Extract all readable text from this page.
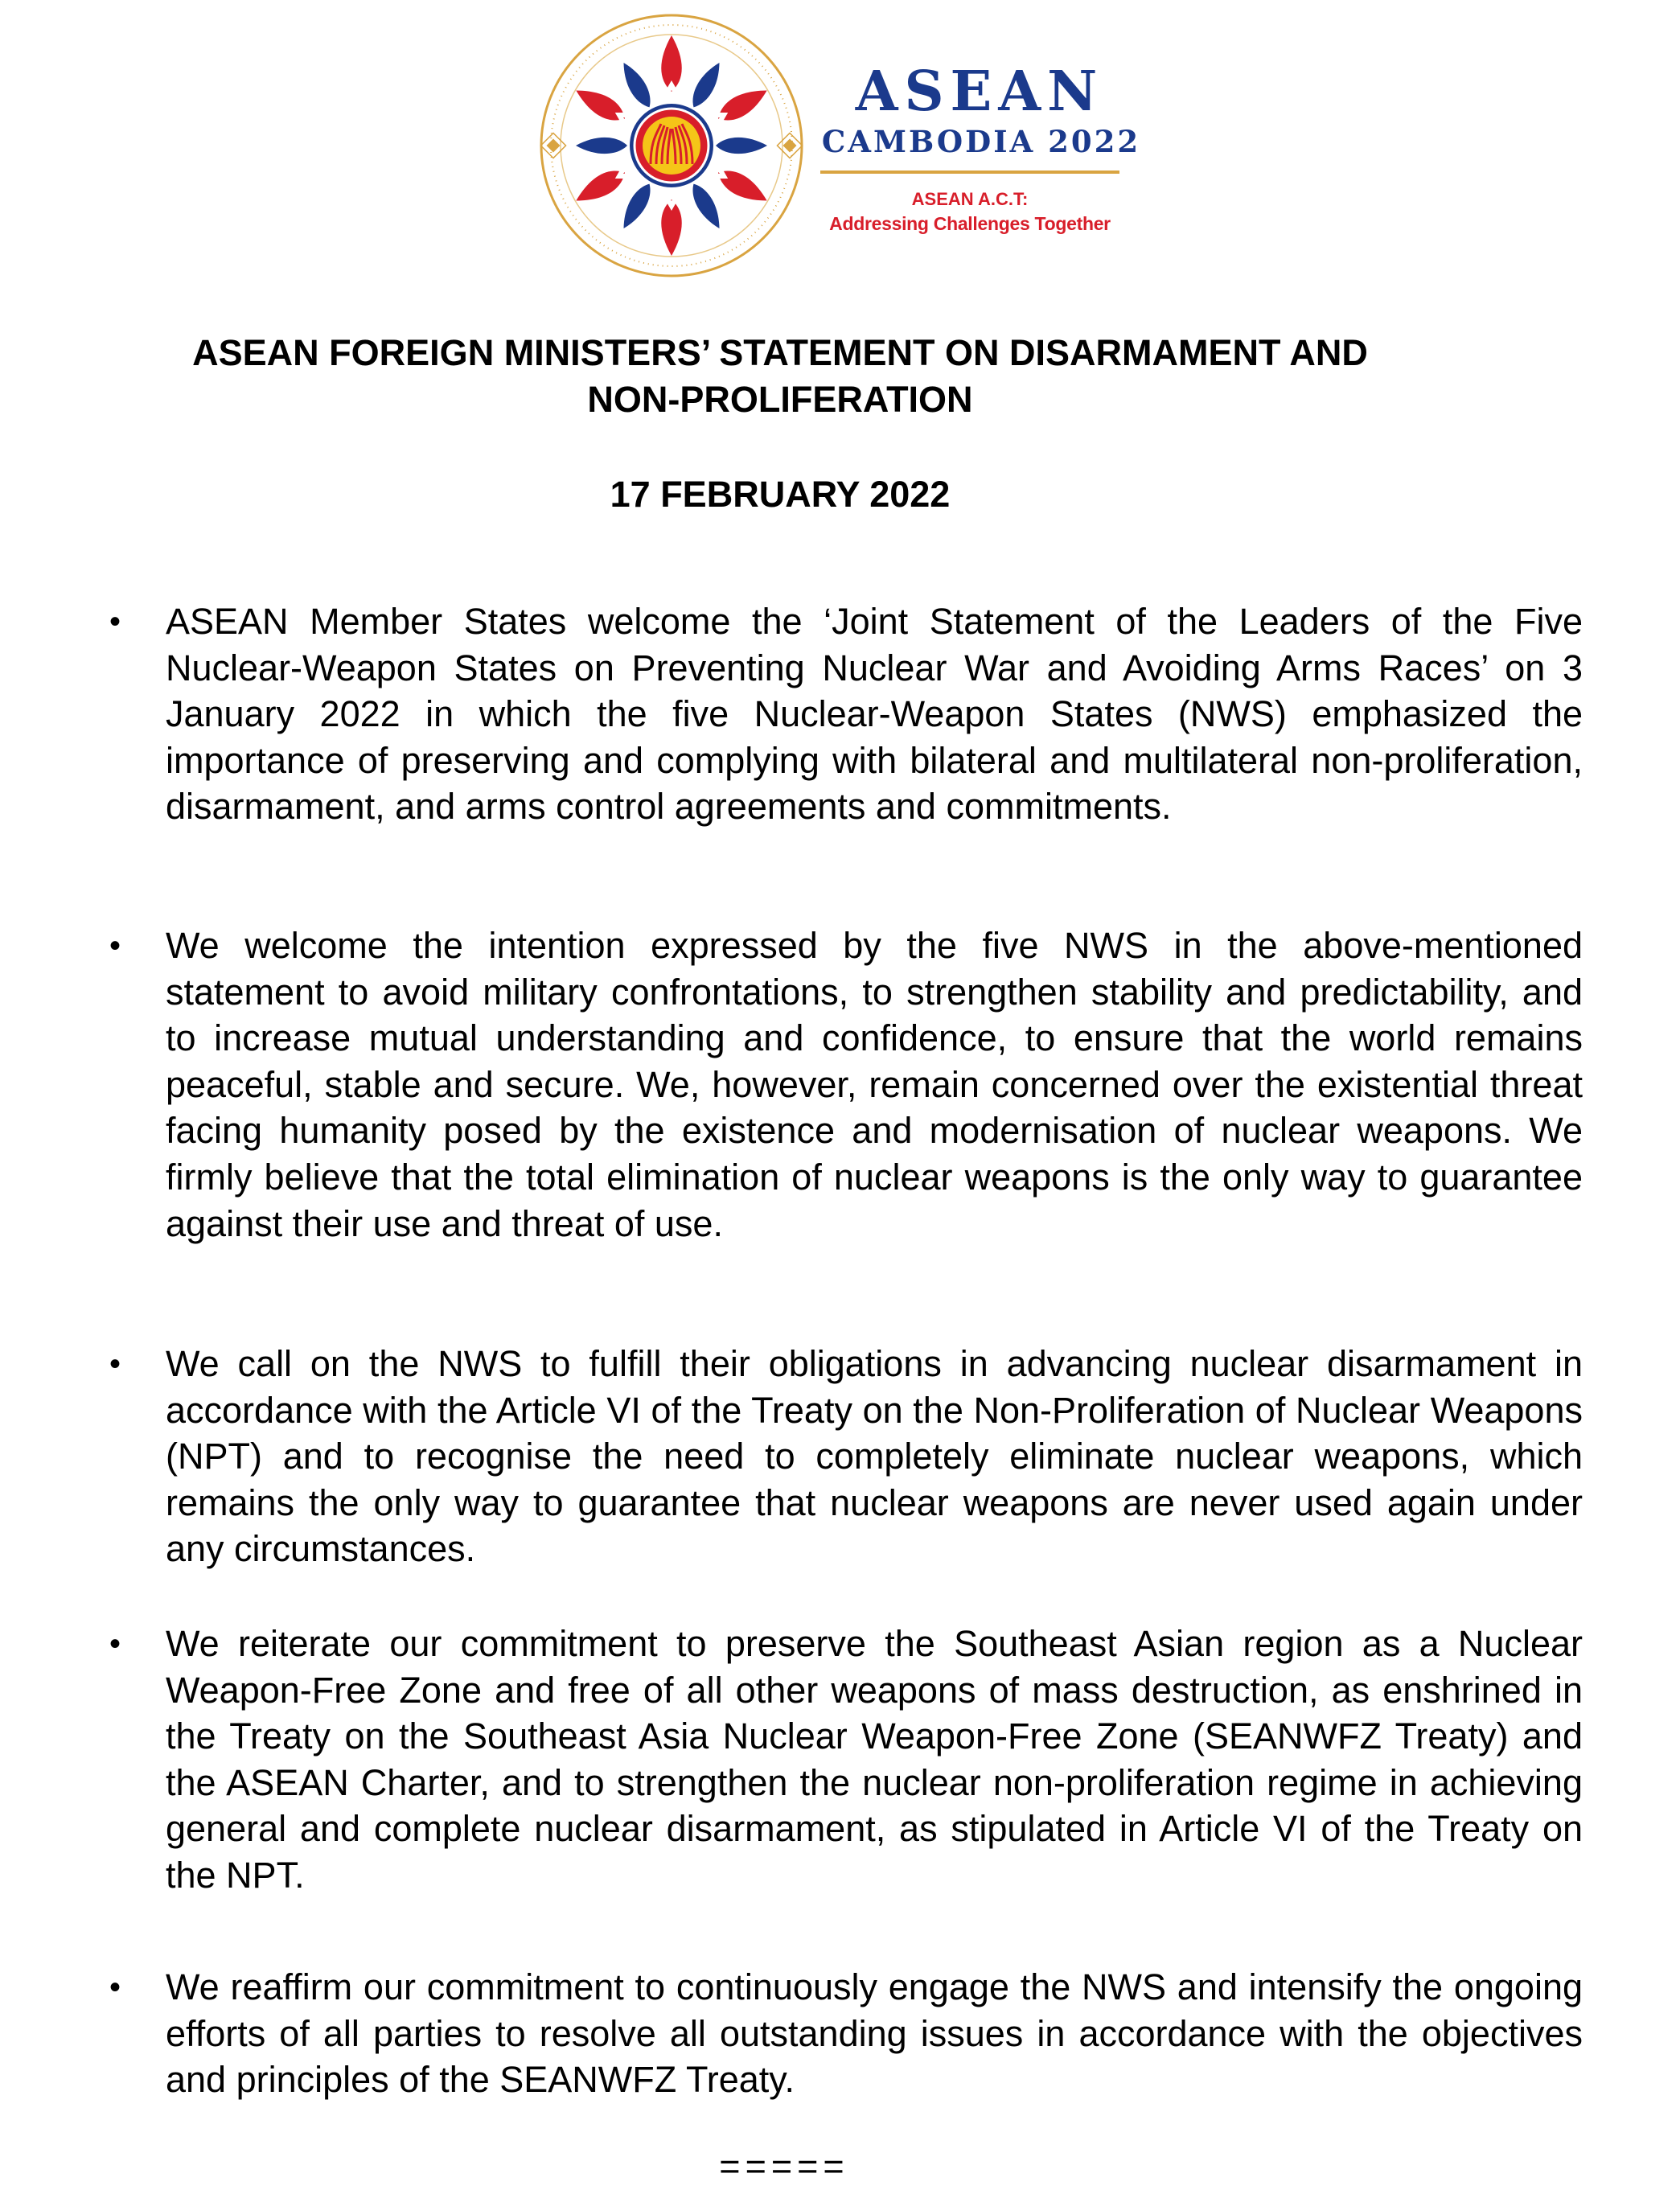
ASEAN
CAMBODIA 2022
ASEAN A.C.T:
Addressing Challenges Together
ASEAN FOREIGN MINISTERS’ STATEMENT ON DISARMAMENT AND
NON-PROLIFERATION
17 FEBRUARY 2022
• ASEAN Member States welcome the ‘Joint Statement of the Leaders of the Five Nuclear-Weapon States on Preventing Nuclear War and Avoiding Arms Races’ on 3 January 2022 in which the five Nuclear-Weapon States (NWS) emphasized the importance of preserving and complying with bilateral and multilateral non-proliferation, disarmament, and arms control agreements and commitments.
• We welcome the intention expressed by the five NWS in the above-mentioned statement to avoid military confrontations, to strengthen stability and predictability, and to increase mutual understanding and confidence, to ensure that the world remains peaceful, stable and secure. We, however, remain concerned over the existential threat facing humanity posed by the existence and modernisation of nuclear weapons. We firmly believe that the total elimination of nuclear weapons is the only way to guarantee against their use and threat of use.
• We call on the NWS to fulfill their obligations in advancing nuclear disarmament in accordance with the Article VI of the Treaty on the Non-Proliferation of Nuclear Weapons (NPT) and to recognise the need to completely eliminate nuclear weapons, which remains the only way to guarantee that nuclear weapons are never used again under any circumstances.
• We reiterate our commitment to preserve the Southeast Asian region as a Nuclear Weapon-Free Zone and free of all other weapons of mass destruction, as enshrined in the Treaty on the Southeast Asia Nuclear Weapon-Free Zone (SEANWFZ Treaty) and the ASEAN Charter, and to strengthen the nuclear non-proliferation regime in achieving general and complete nuclear disarmament, as stipulated in Article VI of the Treaty on the NPT.
• We reaffirm our commitment to continuously engage the NWS and intensify the ongoing efforts of all parties to resolve all outstanding issues in accordance with the objectives and principles of the SEANWFZ Treaty.
=====
